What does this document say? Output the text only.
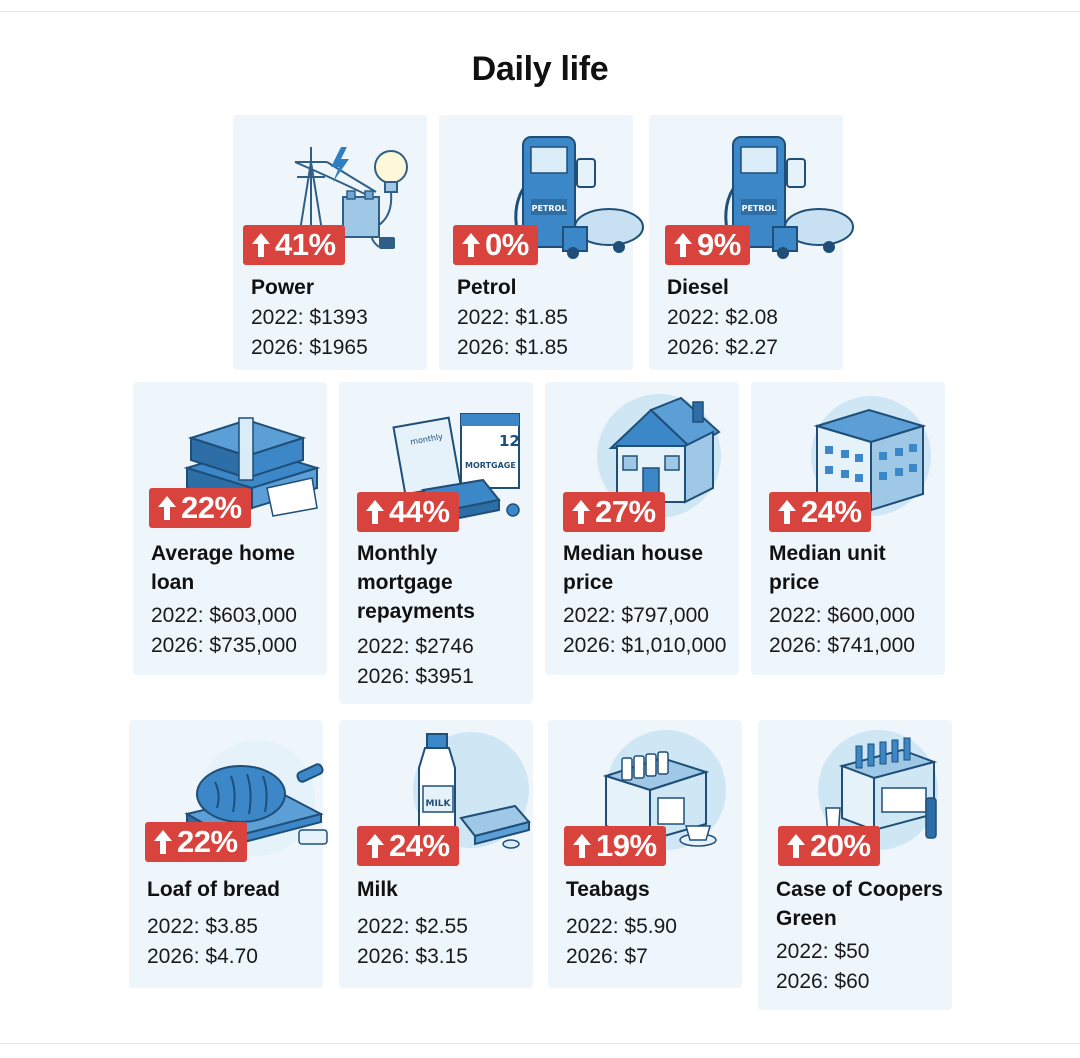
Daily life
41%
Power
2022: $1393
2026: $1965
PETROL
0%
Petrol
2022: $1.85
2026: $1.85
PETROL
9%
Diesel
2022: $2.08
2026: $2.27
22%
Average home loan
2022: $603,000
2026: $735,000
monthly	12
MORTGAGE
44%
Monthly mortgage repayments
2022: $2746
2026: $3951
27%
Median house price
2022: $797,000
2026: $1,010,000
24%
Median unit price
2022: $600,000
2026: $741,000
22%
Loaf of bread
2022: $3.85
2026: $4.70
MILK
24%
Milk
2022: $2.55
2026: $3.15
19%
Teabags
2022: $5.90
2026: $7
20%
Case of Coopers Green
2022: $50
2026: $60
